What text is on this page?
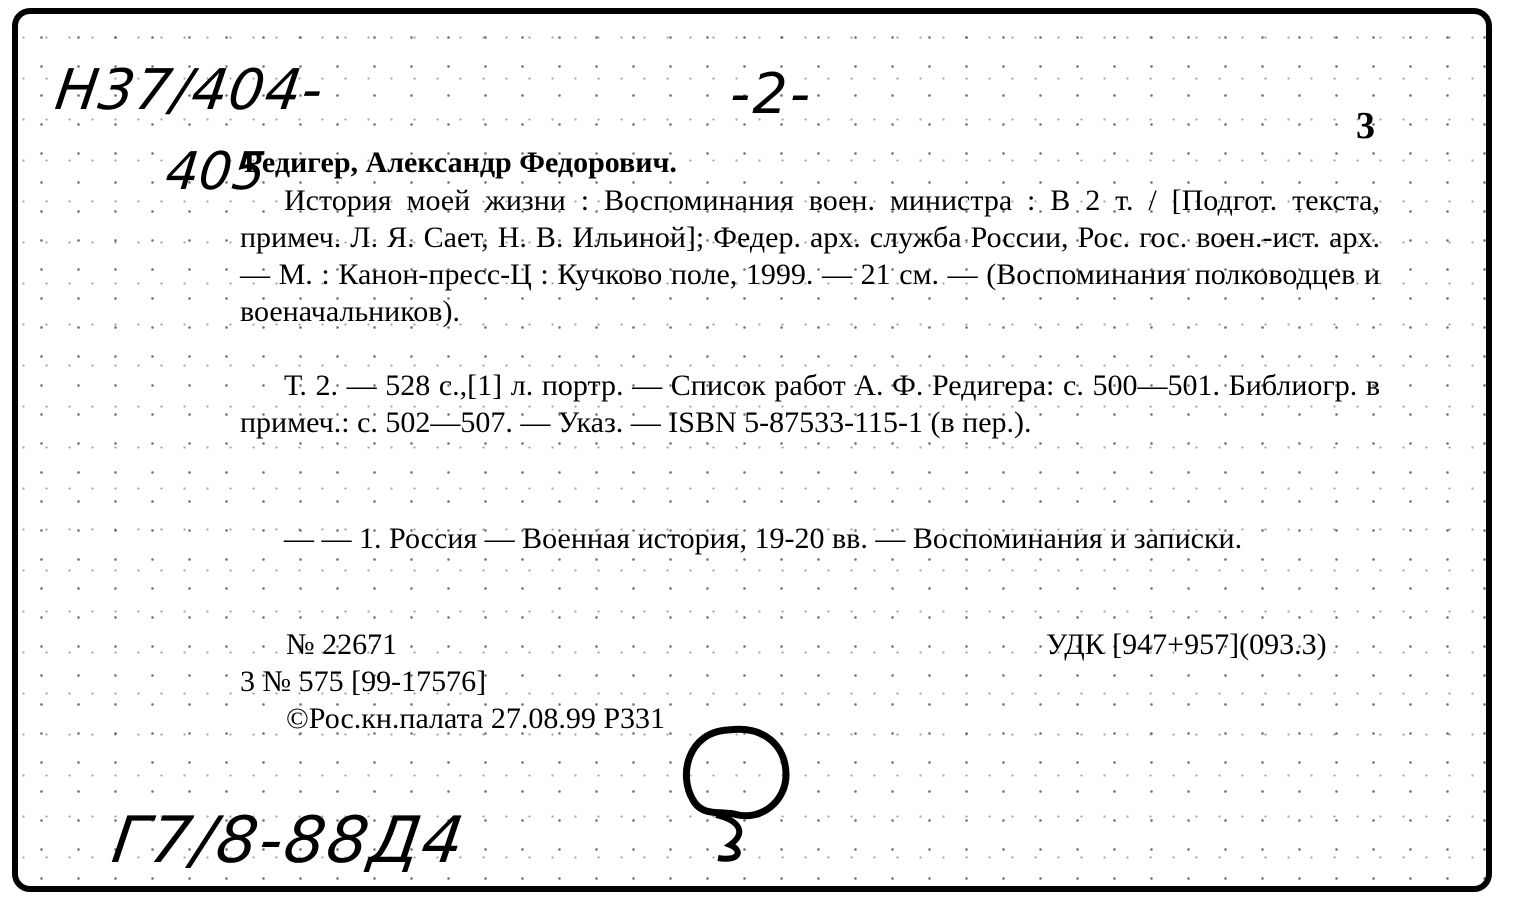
Н37/404-	-2-	3
405
Редигер, Александр Федорович.
История моей жизни : Воспоминания воен. министра : В 2 т. / [Подгот. текста, примеч. Л. Я. Сает, Н. В. Ильиной]; Федер. арх. служба России, Рос. гос. воен.-ист. арх. — М. : Канон-пресс-Ц : Кучково поле, 1999. — 21 см. — (Воспоминания полководцев и военачальников).
Т. 2. — 528 с.,[1] л. портр. — Список работ А. Ф. Редигера: с. 500—501. Библиогр. в примеч.: с. 502—507. — Указ. — ISBN 5-87533-115-1 (в пер.).
— — 1. Россия — Военная история, 19-20 вв. — Воспоминания и записки.
№ 22671	УДК [947+957](093.3)
3 № 575 [99-17576]
©Рос.кн.палата 27.08.99 Р331
Г7/8-88Д4
